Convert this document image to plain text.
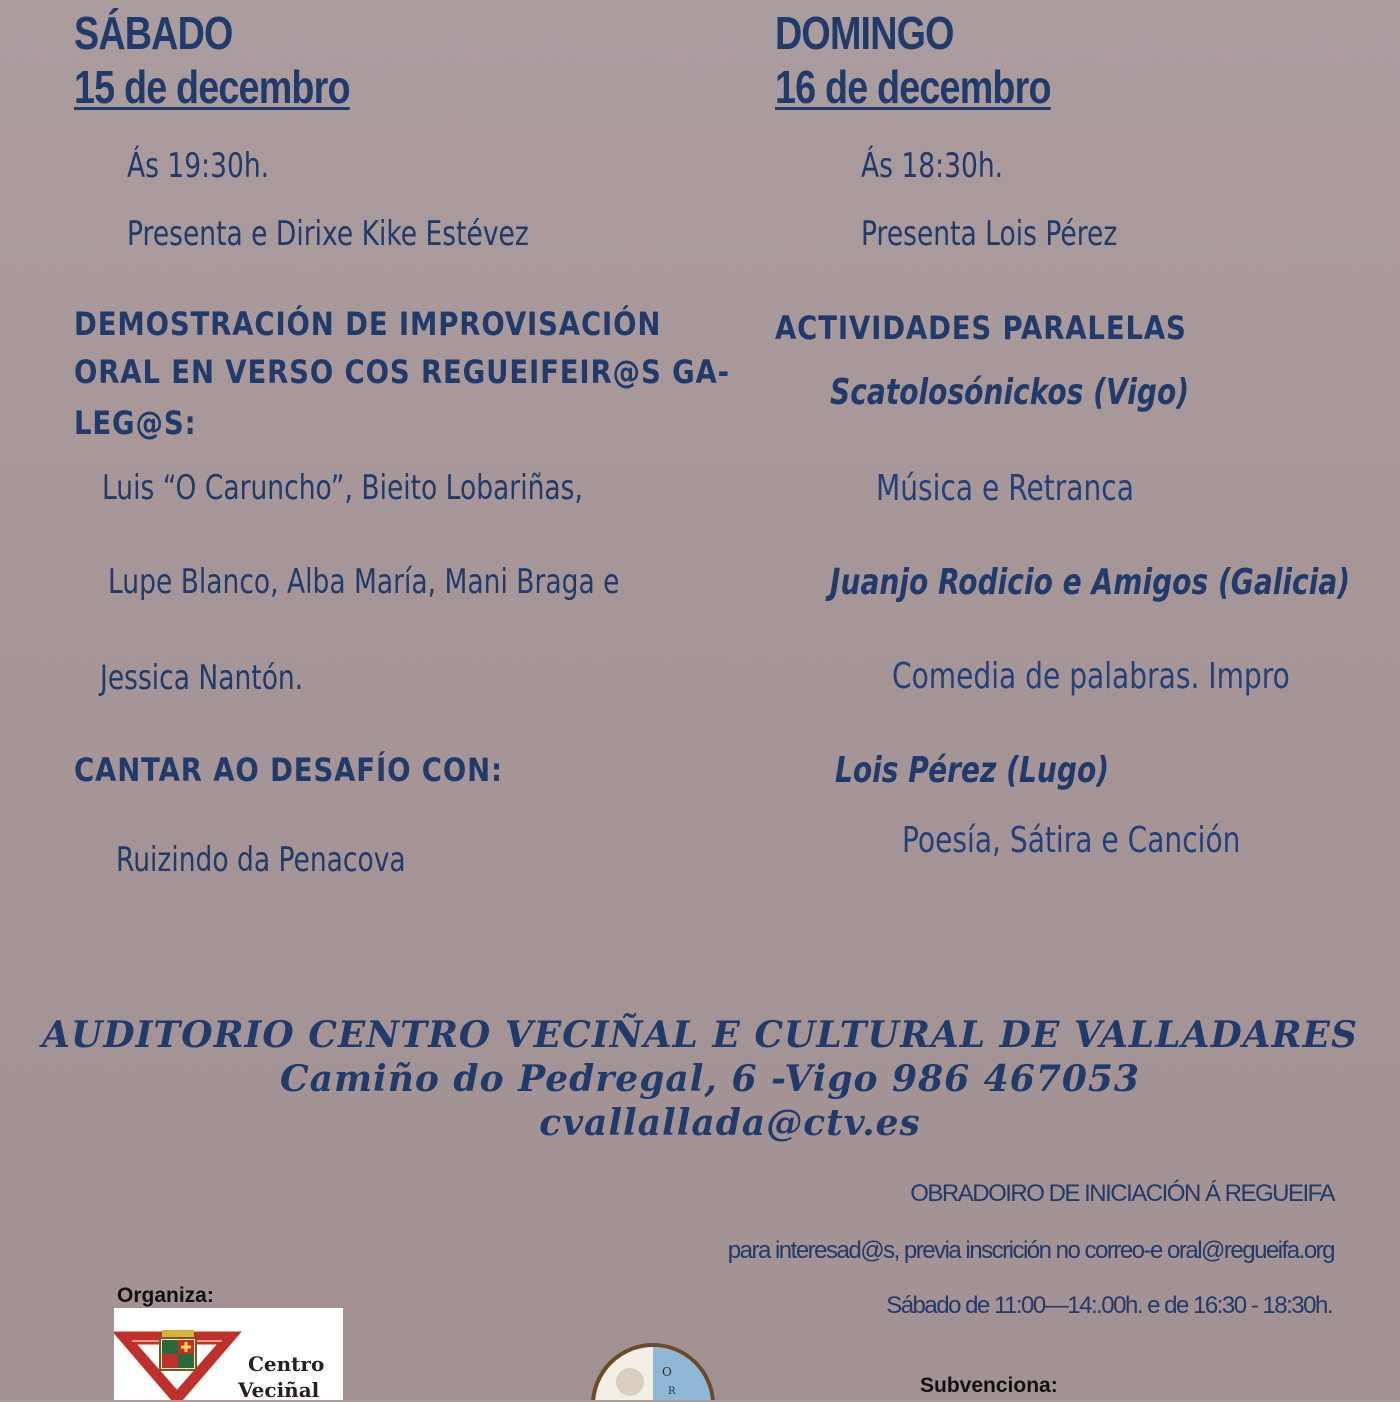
SÁBADO
15 de decembro
Ás 19:30h.
Presenta e Dirixe Kike Estévez
DEMOSTRACIÓN DE IMPROVISACIÓN
ORAL EN VERSO COS REGUEIFEIR@S GA-
LEG@S:
Luis “O Caruncho”, Bieito Lobariñas,
Lupe Blanco, Alba María, Mani Braga e
Jessica Nantón.
CANTAR AO DESAFÍO CON:
Ruizindo da Penacova
DOMINGO
16 de decembro
Ás 18:30h.
Presenta Lois Pérez
ACTIVIDADES PARALELAS
Scatolosónickos (Vigo)
Música e Retranca
Juanjo Rodicio e Amigos (Galicia)
Comedia de palabras. Impro
Lois Pérez (Lugo)
Poesía, Sátira e Canción
AUDITORIO CENTRO VECIÑAL E CULTURAL DE VALLADARES
Camiño do Pedregal, 6 -Vigo 986 467053
cvallallada@ctv.es
OBRADOIRO DE INICIACIÓN Á REGUEIFA
para interesad@s, previa inscrición no correo-e oral@regueifa.org
Sábado de 11:00—14:.00h. e de 16:30 - 18:30h.
Organiza:
Centro
Veciñal
O
R	Subvenciona:
